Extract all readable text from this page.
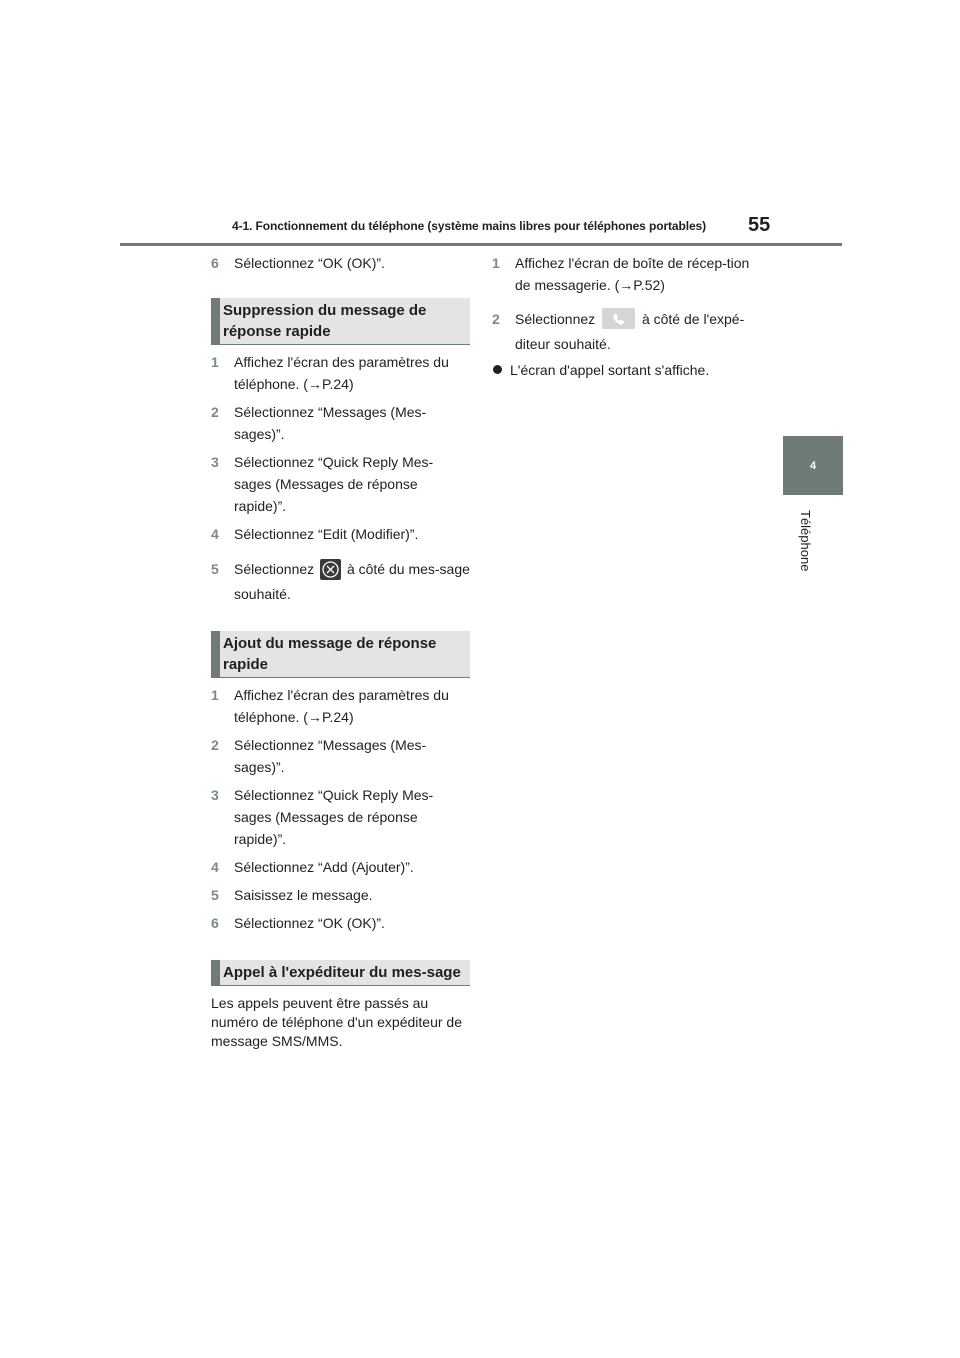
4-1. Fonctionnement du téléphone (système mains libres pour téléphones portables) 55
4
Téléphone
6 Sélectionnez “OK (OK)”.
Suppression du message de réponse rapide
1 Affichez l'écran des paramètres du téléphone. (→P.24)
2 Sélectionnez “Messages (Mes-sages)”.
3 Sélectionnez “Quick Reply Mes-sages (Messages de réponse rapide)”.
4 Sélectionnez “Edit (Modifier)”.
5 Sélectionnez à côté du mes-sage souhaité.
Ajout du message de réponse rapide
1 Affichez l'écran des paramètres du téléphone. (→P.24)
2 Sélectionnez “Messages (Mes-sages)”.
3 Sélectionnez “Quick Reply Mes-sages (Messages de réponse rapide)”.
4 Sélectionnez “Add (Ajouter)”.
5 Saisissez le message.
6 Sélectionnez “OK (OK)”.
Appel à l'expéditeur du mes-sage
Les appels peuvent être passés au numéro de téléphone d'un expéditeur de message SMS/MMS.
1 Affichez l'écran de boîte de récep-tion de messagerie. (→P.52)
2 Sélectionnez	à côté de l'expé-diteur souhaité.
L'écran d'appel sortant s'affiche.
